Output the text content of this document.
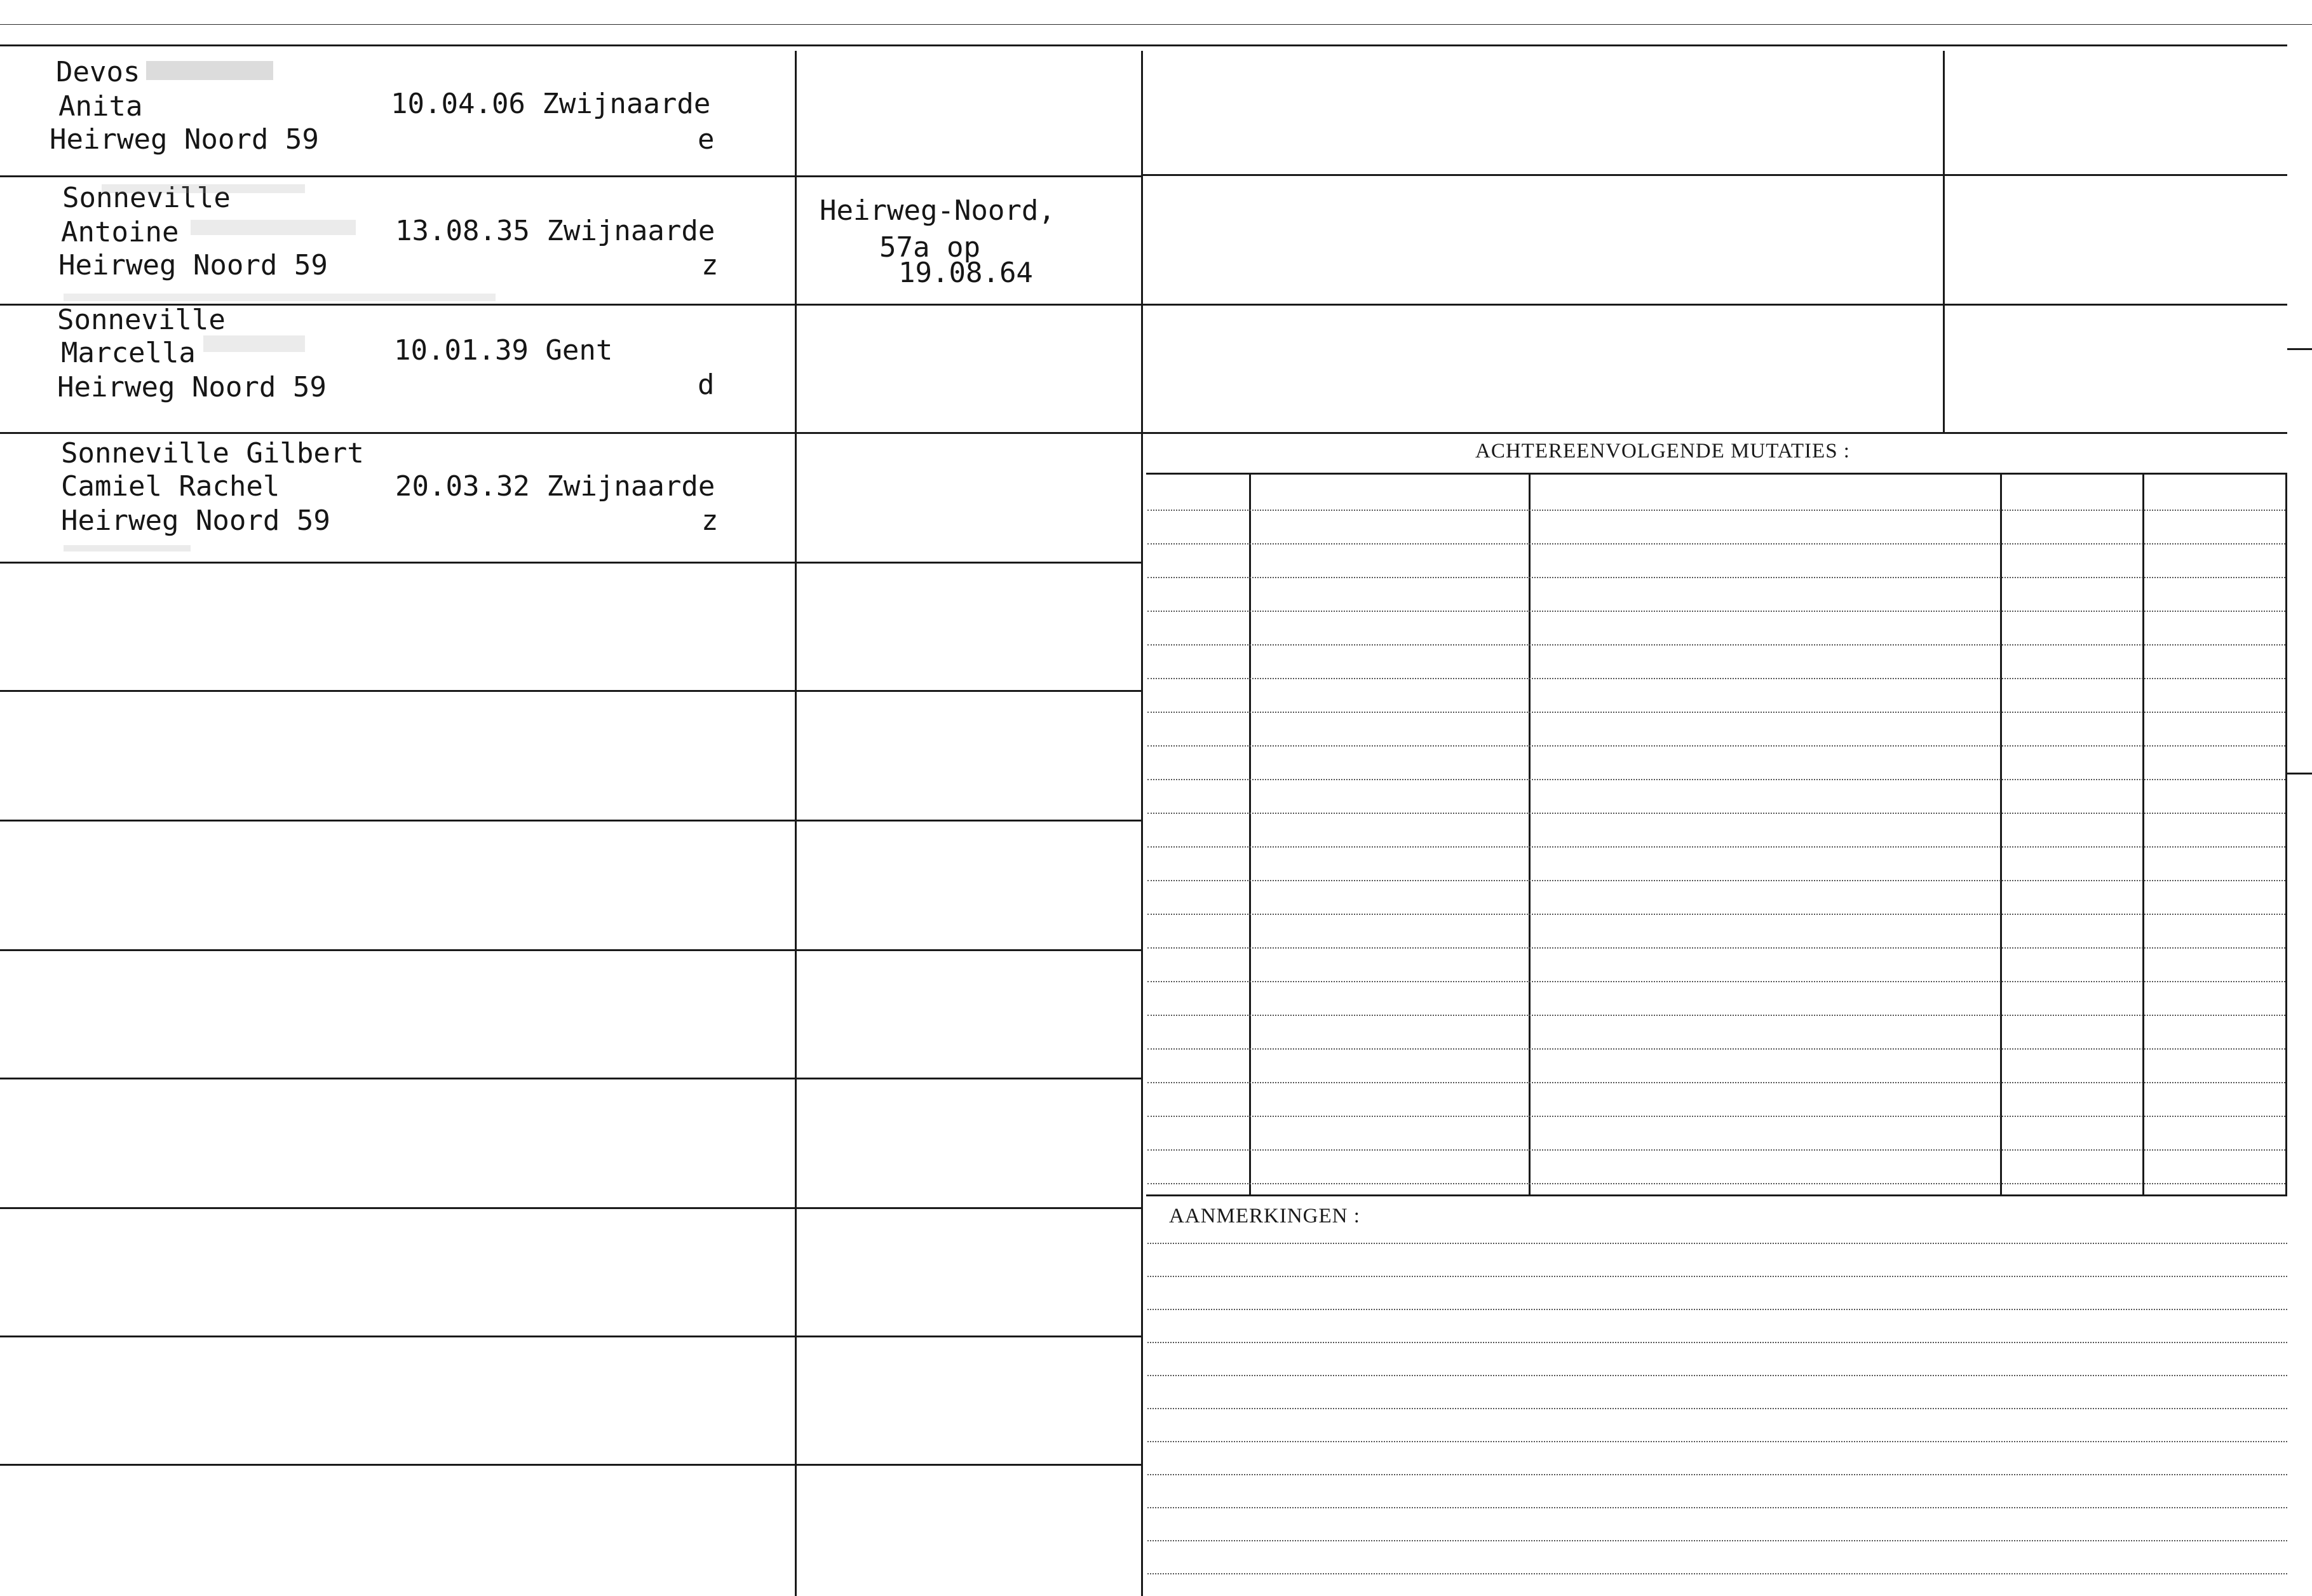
Devos
Anita	10.04.06 Zwijnaarde
Heirweg Noord 59	e
Sonneville
Antoine	13.08.35 Zwijnaarde
Heirweg Noord 59	z
Heirweg-Noord,
57a op
19.08.64
Sonneville
Marcella	10.01.39 Gent
Heirweg Noord 59	d
Sonneville Gilbert
Camiel Rachel	20.03.32 Zwijnaarde
Heirweg Noord 59	z
ACHTEREENVOLGENDE MUTATIES :
AANMERKINGEN :
